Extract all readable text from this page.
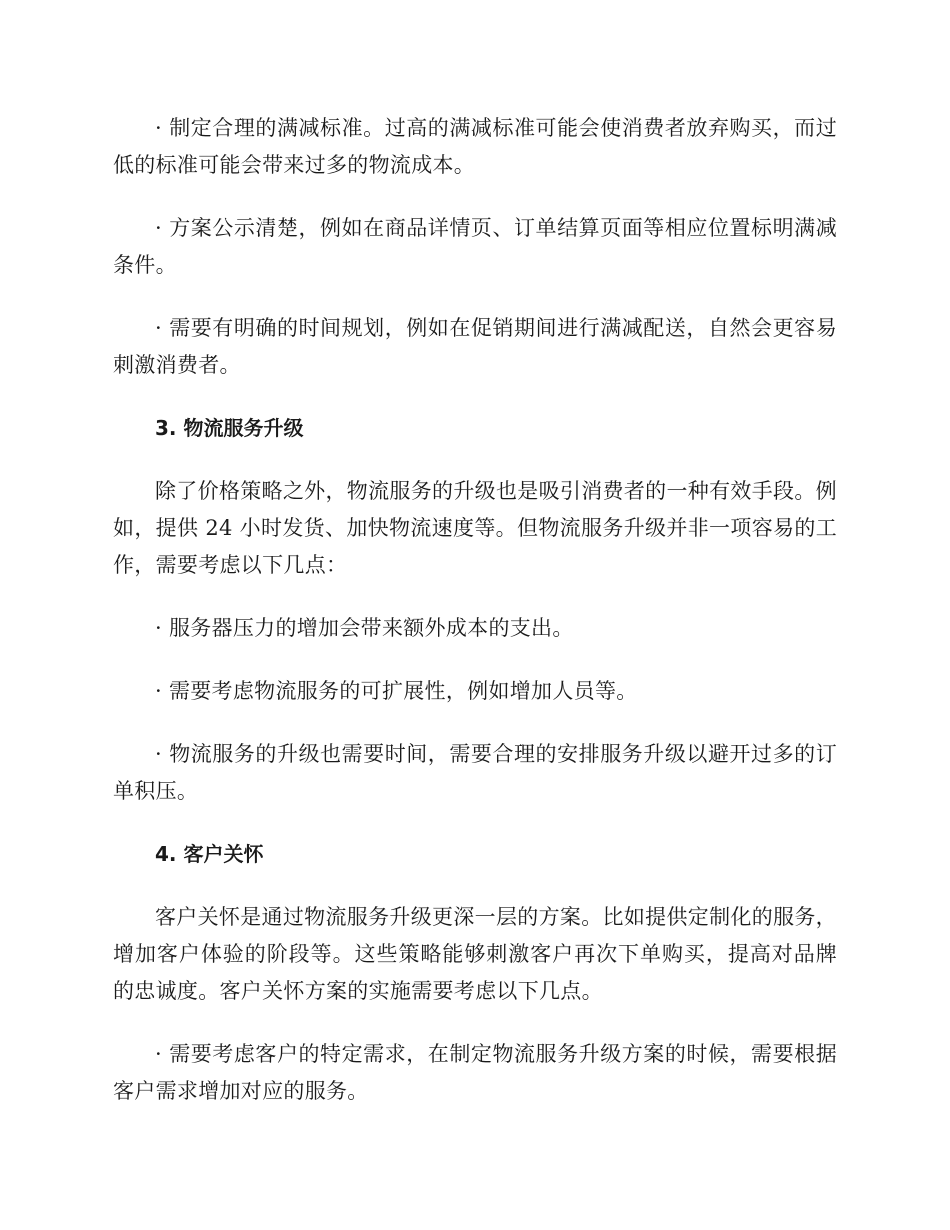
· 制定合理的满减标准。过高的满减标准可能会使消费者放弃购买，而过低的标准可能会带来过多的物流成本。

· 方案公示清楚，例如在商品详情页、订单结算页面等相应位置标明满减条件。

· 需要有明确的时间规划，例如在促销期间进行满减配送，自然会更容易刺激消费者。

3. 物流服务升级

除了价格策略之外，物流服务的升级也是吸引消费者的一种有效手段。例如，提供 24 小时发货、加快物流速度等。但物流服务升级并非一项容易的工作，需要考虑以下几点：

· 服务器压力的增加会带来额外成本的支出。

· 需要考虑物流服务的可扩展性，例如增加人员等。

· 物流服务的升级也需要时间，需要合理的安排服务升级以避开过多的订单积压。

4. 客户关怀

客户关怀是通过物流服务升级更深一层的方案。比如提供定制化的服务，增加客户体验的阶段等。这些策略能够刺激客户再次下单购买，提高对品牌的忠诚度。客户关怀方案的实施需要考虑以下几点。

· 需要考虑客户的特定需求，在制定物流服务升级方案的时候，需要根据客户需求增加对应的服务。
